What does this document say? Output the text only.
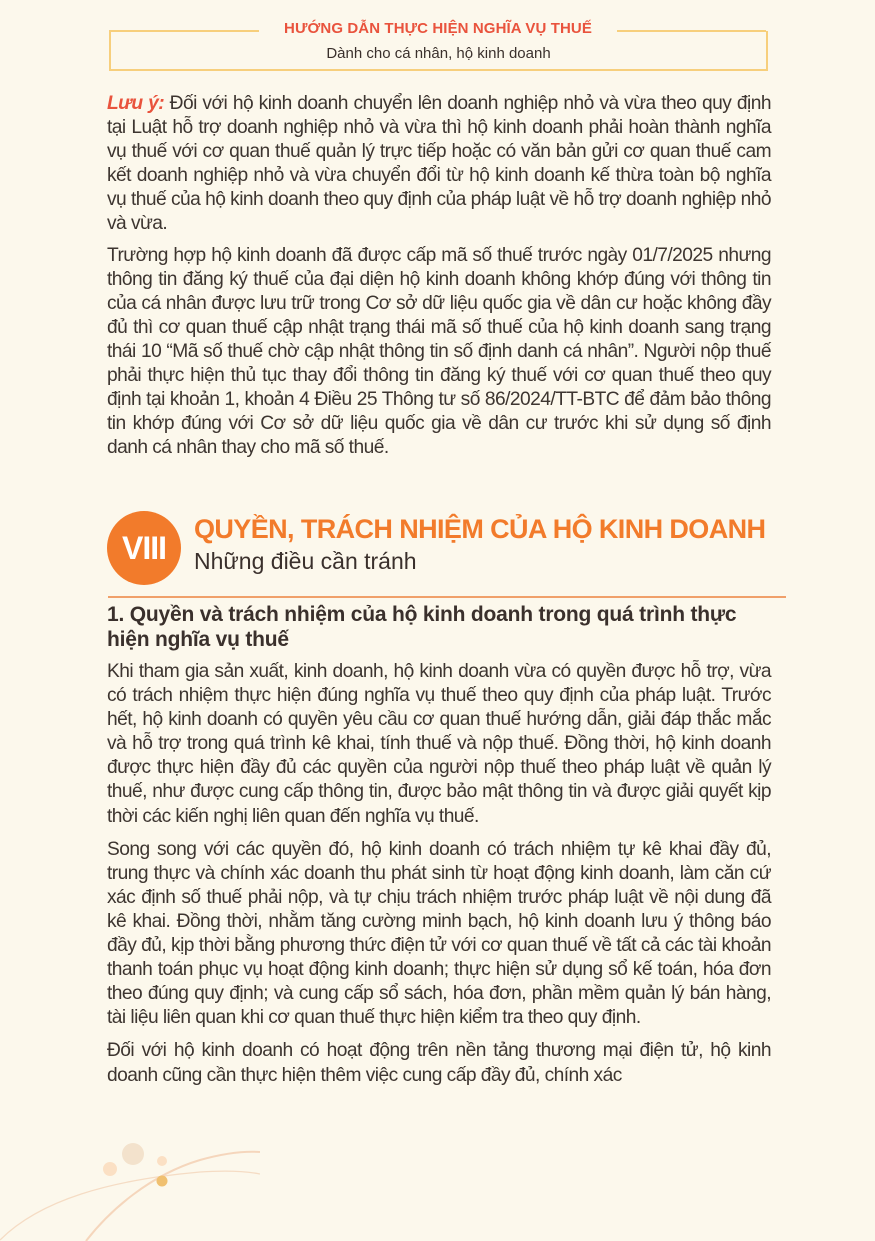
HƯỚNG DẪN THỰC HIỆN NGHĨA VỤ THUẾ
Dành cho cá nhân, hộ kinh doanh

Lưu ý: Đối với hộ kinh doanh chuyển lên doanh nghiệp nhỏ và vừa theo quy định tại Luật hỗ trợ doanh nghiệp nhỏ và vừa thì hộ kinh doanh phải hoàn thành nghĩa vụ thuế với cơ quan thuế quản lý trực tiếp hoặc có văn bản gửi cơ quan thuế cam kết doanh nghiệp nhỏ và vừa chuyển đổi từ hộ kinh doanh kế thừa toàn bộ nghĩa vụ thuế của hộ kinh doanh theo quy định của pháp luật về hỗ trợ doanh nghiệp nhỏ và vừa.

Trường hợp hộ kinh doanh đã được cấp mã số thuế trước ngày 01/7/2025 nhưng thông tin đăng ký thuế của đại diện hộ kinh doanh không khớp đúng với thông tin của cá nhân được lưu trữ trong Cơ sở dữ liệu quốc gia về dân cư hoặc không đầy đủ thì cơ quan thuế cập nhật trạng thái mã số thuế của hộ kinh doanh sang trạng thái 10 “Mã số thuế chờ cập nhật thông tin số định danh cá nhân”. Người nộp thuế phải thực hiện thủ tục thay đổi thông tin đăng ký thuế với cơ quan thuế theo quy định tại khoản 1, khoản 4 Điều 25 Thông tư số 86/2024/TT-BTC để đảm bảo thông tin khớp đúng với Cơ sở dữ liệu quốc gia về dân cư trước khi sử dụng số định danh cá nhân thay cho mã số thuế.

VIII
QUYỀN, TRÁCH NHIỆM CỦA HỘ KINH DOANH
Những điều cần tránh
1. Quyền và trách nhiệm của hộ kinh doanh trong quá trình thực hiện nghĩa vụ thuế

Khi tham gia sản xuất, kinh doanh, hộ kinh doanh vừa có quyền được hỗ trợ, vừa có trách nhiệm thực hiện đúng nghĩa vụ thuế theo quy định của pháp luật. Trước hết, hộ kinh doanh có quyền yêu cầu cơ quan thuế hướng dẫn, giải đáp thắc mắc và hỗ trợ trong quá trình kê khai, tính thuế và nộp thuế. Đồng thời, hộ kinh doanh được thực hiện đầy đủ các quyền của người nộp thuế theo pháp luật về quản lý thuế, như được cung cấp thông tin, được bảo mật thông tin và được giải quyết kịp thời các kiến nghị liên quan đến nghĩa vụ thuế.

Song song với các quyền đó, hộ kinh doanh có trách nhiệm tự kê khai đầy đủ, trung thực và chính xác doanh thu phát sinh từ hoạt động kinh doanh, làm căn cứ xác định số thuế phải nộp, và tự chịu trách nhiệm trước pháp luật về nội dung đã kê khai. Đồng thời, nhằm tăng cường minh bạch, hộ kinh doanh lưu ý thông báo đầy đủ, kịp thời bằng phương thức điện tử với cơ quan thuế về tất cả các tài khoản thanh toán phục vụ hoạt động kinh doanh; thực hiện sử dụng sổ kế toán, hóa đơn theo đúng quy định; và cung cấp sổ sách, hóa đơn, phần mềm quản lý bán hàng, tài liệu liên quan khi cơ quan thuế thực hiện kiểm tra theo quy định.

Đối với hộ kinh doanh có hoạt động trên nền tảng thương mại điện tử, hộ kinh doanh cũng cần thực hiện thêm việc cung cấp đầy đủ, chính xác
